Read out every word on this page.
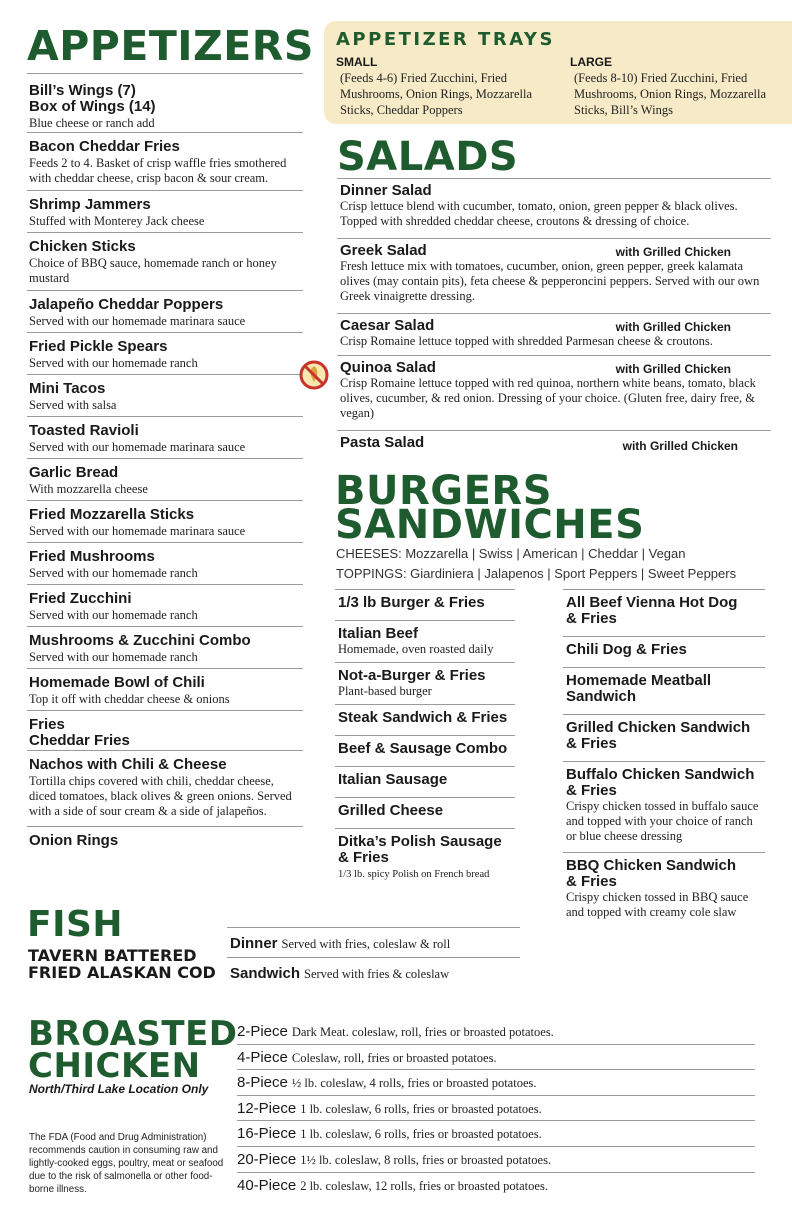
APPETIZERS
Bill’s Wings (7)
Box of Wings (14)
Blue cheese or ranch add
Bacon Cheddar Fries
Feeds 2 to 4. Basket of crisp waffle fries smothered with cheddar cheese, crisp bacon & sour cream.
Shrimp Jammers
Stuffed with Monterey Jack cheese
Chicken Sticks
Choice of BBQ sauce, homemade ranch or honey mustard
Jalapeño Cheddar Poppers
Served with our homemade marinara sauce
Fried Pickle Spears
Served with our homemade ranch
Mini Tacos
Served with salsa
Toasted Ravioli
Served with our homemade marinara sauce
Garlic Bread
With mozzarella cheese
Fried Mozzarella Sticks
Served with our homemade marinara sauce
Fried Mushrooms
Served with our homemade ranch
Fried Zucchini
Served with our homemade ranch
Mushrooms & Zucchini Combo
Served with our homemade ranch
Homemade Bowl of Chili
Top it off with cheddar cheese & onions
Fries
Cheddar Fries
Nachos with Chili & Cheese
Tortilla chips covered with chili, cheddar cheese, diced tomatoes, black olives & green onions. Served with a side of sour cream & a side of jalapeños.
Onion Rings
APPETIZER TRAYS
SMALL
(Feeds 4-6) Fried Zucchini, Fried Mushrooms, Onion Rings, Mozzarella Sticks, Cheddar Poppers
LARGE
(Feeds 8-10) Fried Zucchini, Fried Mushrooms, Onion Rings, Mozzarella Sticks, Bill’s Wings
SALADS
Dinner Salad
Crisp lettuce blend with cucumber, tomato, onion, green pepper & black olives. Topped with shredded cheddar cheese, croutons & dressing of choice.
Greek Salad	with Grilled Chicken
Fresh lettuce mix with tomatoes, cucumber, onion, green pepper, greek kalamata olives (may contain pits), feta cheese & pepperoncini peppers. Served with our own Greek vinaigrette dressing.
Caesar Salad	with Grilled Chicken
Crisp Romaine lettuce topped with shredded Parmesan cheese & croutons.
Quinoa Salad	with Grilled Chicken
Crisp Romaine lettuce topped with red quinoa, northern white beans, tomato, black olives, cucumber, & red onion. Dressing of your choice. (Gluten free, dairy free, & vegan)
Pasta Salad	with Grilled Chicken
BURGERS
SANDWICHES
CHEESES: Mozzarella | Swiss | American | Cheddar | Vegan
TOPPINGS: Giardiniera | Jalapenos | Sport Peppers | Sweet Peppers
1/3 lb Burger & Fries
Italian Beef
Homemade, oven roasted daily
Not-a-Burger & Fries
Plant-based burger
Steak Sandwich & Fries
Beef & Sausage Combo
Italian Sausage
Grilled Cheese
Ditka’s Polish Sausage
& Fries
1/3 lb. spicy Polish on French bread
All Beef Vienna Hot Dog
& Fries
Chili Dog & Fries
Homemade Meatball
Sandwich
Grilled Chicken Sandwich
& Fries
Buffalo Chicken Sandwich
& Fries
Crispy chicken tossed in buffalo sauce and topped with your choice of ranch or blue cheese dressing
BBQ Chicken Sandwich
& Fries
Crispy chicken tossed in BBQ sauce and topped with creamy cole slaw
FISH
TAVERN BATTERED
FRIED ALASKAN COD
Dinner Served with fries, coleslaw & roll
Sandwich Served with fries & coleslaw
BROASTED
CHICKEN
North/Third Lake Location Only
2-Piece Dark Meat. coleslaw, roll, fries or broasted potatoes.
4-Piece Coleslaw, roll, fries or broasted potatoes.
8-Piece ½ lb. coleslaw, 4 rolls, fries or broasted potatoes.
12-Piece 1 lb. coleslaw, 6 rolls, fries or broasted potatoes.
16-Piece 1 lb. coleslaw, 6 rolls, fries or broasted potatoes.
20-Piece 1½ lb. coleslaw, 8 rolls, fries or broasted potatoes.
40-Piece 2 lb. coleslaw, 12 rolls, fries or broasted potatoes.
The FDA (Food and Drug Administration) recommends caution in consuming raw and lightly-cooked eggs, poultry, meat or seafood due to the risk of salmonella or other food-borne illness.
